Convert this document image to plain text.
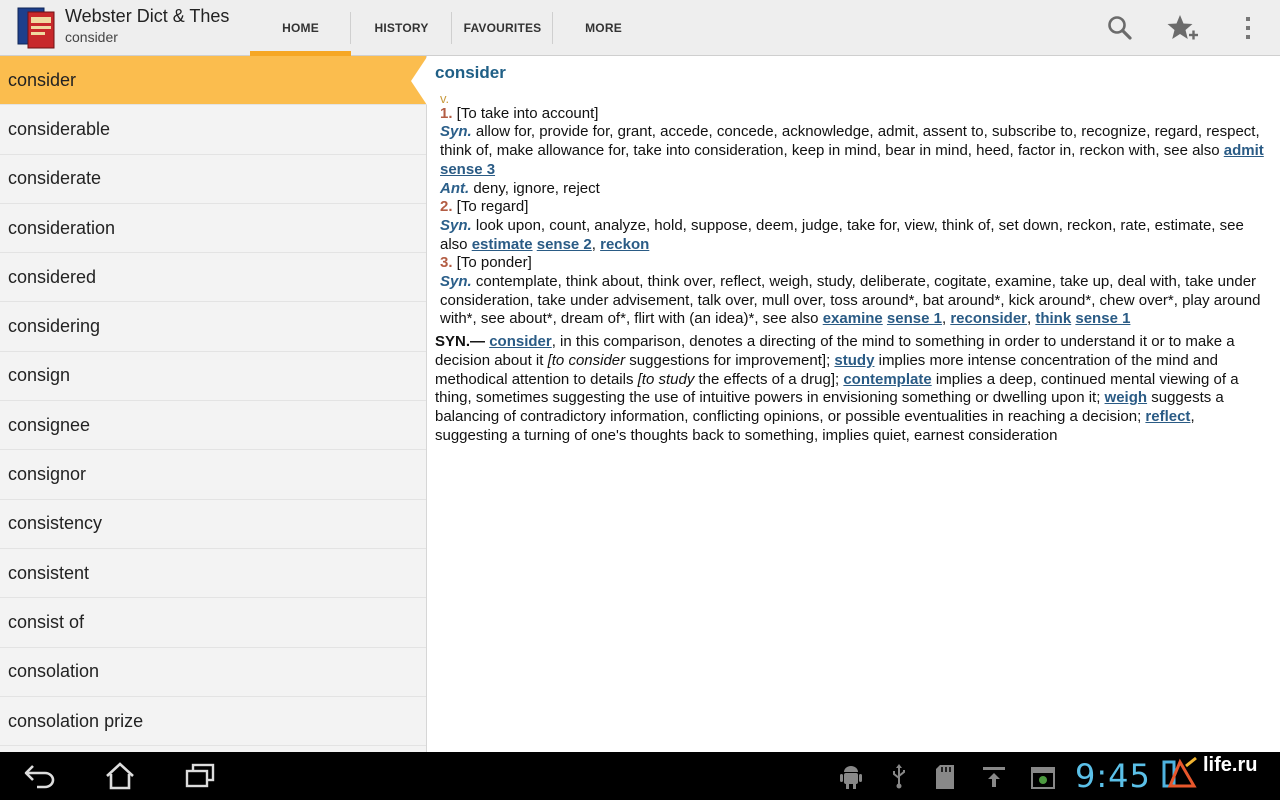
Webster Dict & Thes
consider
HOME	HISTORY	FAVOURITES	MORE
consider
considerable
considerate
consideration
considered
considering
consign
consignee
consignor
consistency
consistent
consist of
consolation
consolation prize
consider
v.
1. [To take into account]
Syn. allow for, provide for, grant, accede, concede, acknowledge, admit, assent to, subscribe to, recognize, regard, respect, think of, make allowance for, take into consideration, keep in mind, bear in mind, heed, factor in, reckon with, see also admit sense 3
Ant. deny, ignore, reject
2. [To regard]
Syn. look upon, count, analyze, hold, suppose, deem, judge, take for, view, think of, set down, reckon, rate, estimate, see also estimate sense 2, reckon
3. [To ponder]
Syn. contemplate, think about, think over, reflect, weigh, study, deliberate, cogitate, examine, take up, deal with, take under consideration, take under advisement, talk over, mull over, toss around*, bat around*, kick around*, chew over*, play around with*, see about*, dream of*, flirt with (an idea)*, see also examine sense 1, reconsider, think sense 1
SYN.— consider, in this comparison, denotes a directing of the mind to something in order to understand it or to make a decision about it [to consider suggestions for improvement]; study implies more intense concentration of the mind and methodical attention to details [to study the effects of a drug]; contemplate implies a deep, continued mental viewing of a thing, sometimes suggesting the use of intuitive powers in envisioning something or dwelling upon it; weigh suggests a balancing of contradictory information, conflicting opinions, or possible eventualities in reaching a decision; reflect, suggesting a turning of one's thoughts back to something, implies quiet, earnest consideration
9:45	life.ru
